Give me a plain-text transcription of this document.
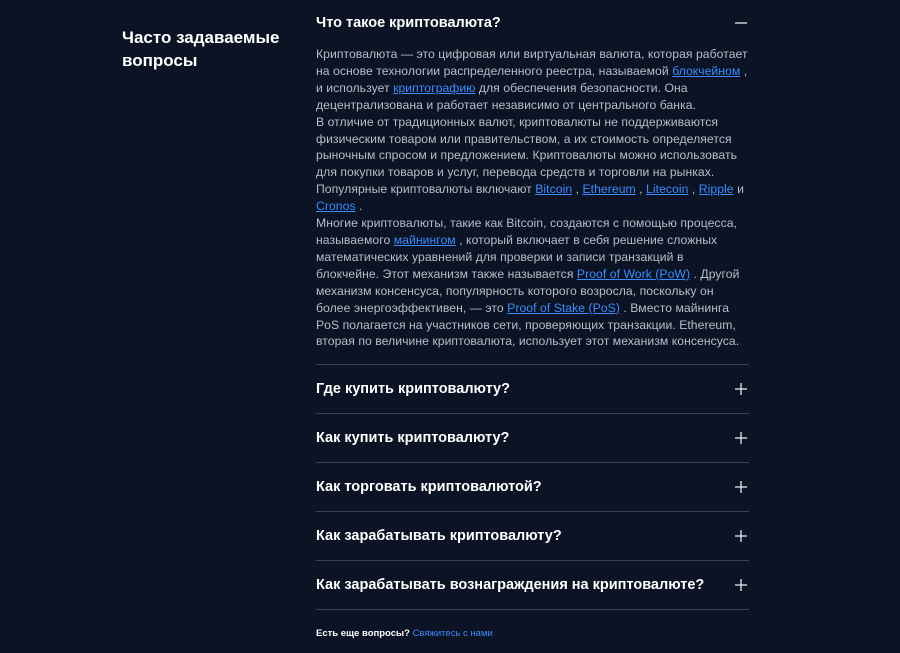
Часто задаваемые вопросы
Что такое криптовалюта?

Криптовалюта — это цифровая или виртуальная валюта, которая работает на основе технологии распределенного реестра, называемой блокчейном , и использует криптографию для обеспечения безопасности. Она децентрализована и работает независимо от центрального банка.

В отличие от традиционных валют, криптовалюты не поддерживаются физическим товаром или правительством, а их стоимость определяется рыночным спросом и предложением. Криптовалюты можно использовать для покупки товаров и услуг, перевода средств и торговли на рынках. Популярные криптовалюты включают Bitcoin , Ethereum , Litecoin , Ripple и Cronos .

Многие криптовалюты, такие как Bitcoin, создаются с помощью процесса, называемого майнингом , который включает в себя решение сложных математических уравнений для проверки и записи транзакций в блокчейне. Этот механизм также называется Proof of Work (PoW) . Другой механизм консенсуса, популярность которого возросла, поскольку он более энергоэффективен, — это Proof of Stake (PoS) . Вместо майнинга PoS полагается на участников сети, проверяющих транзакции. Ethereum, вторая по величине криптовалюта, использует этот механизм консенсуса.

Где купить криптовалюту?
Как купить криптовалюту?
Как торговать криптовалютой?
Как зарабатывать криптовалюту?
Как зарабатывать вознаграждения на криптовалюте?
Есть еще вопросы? Свяжитесь с нами
